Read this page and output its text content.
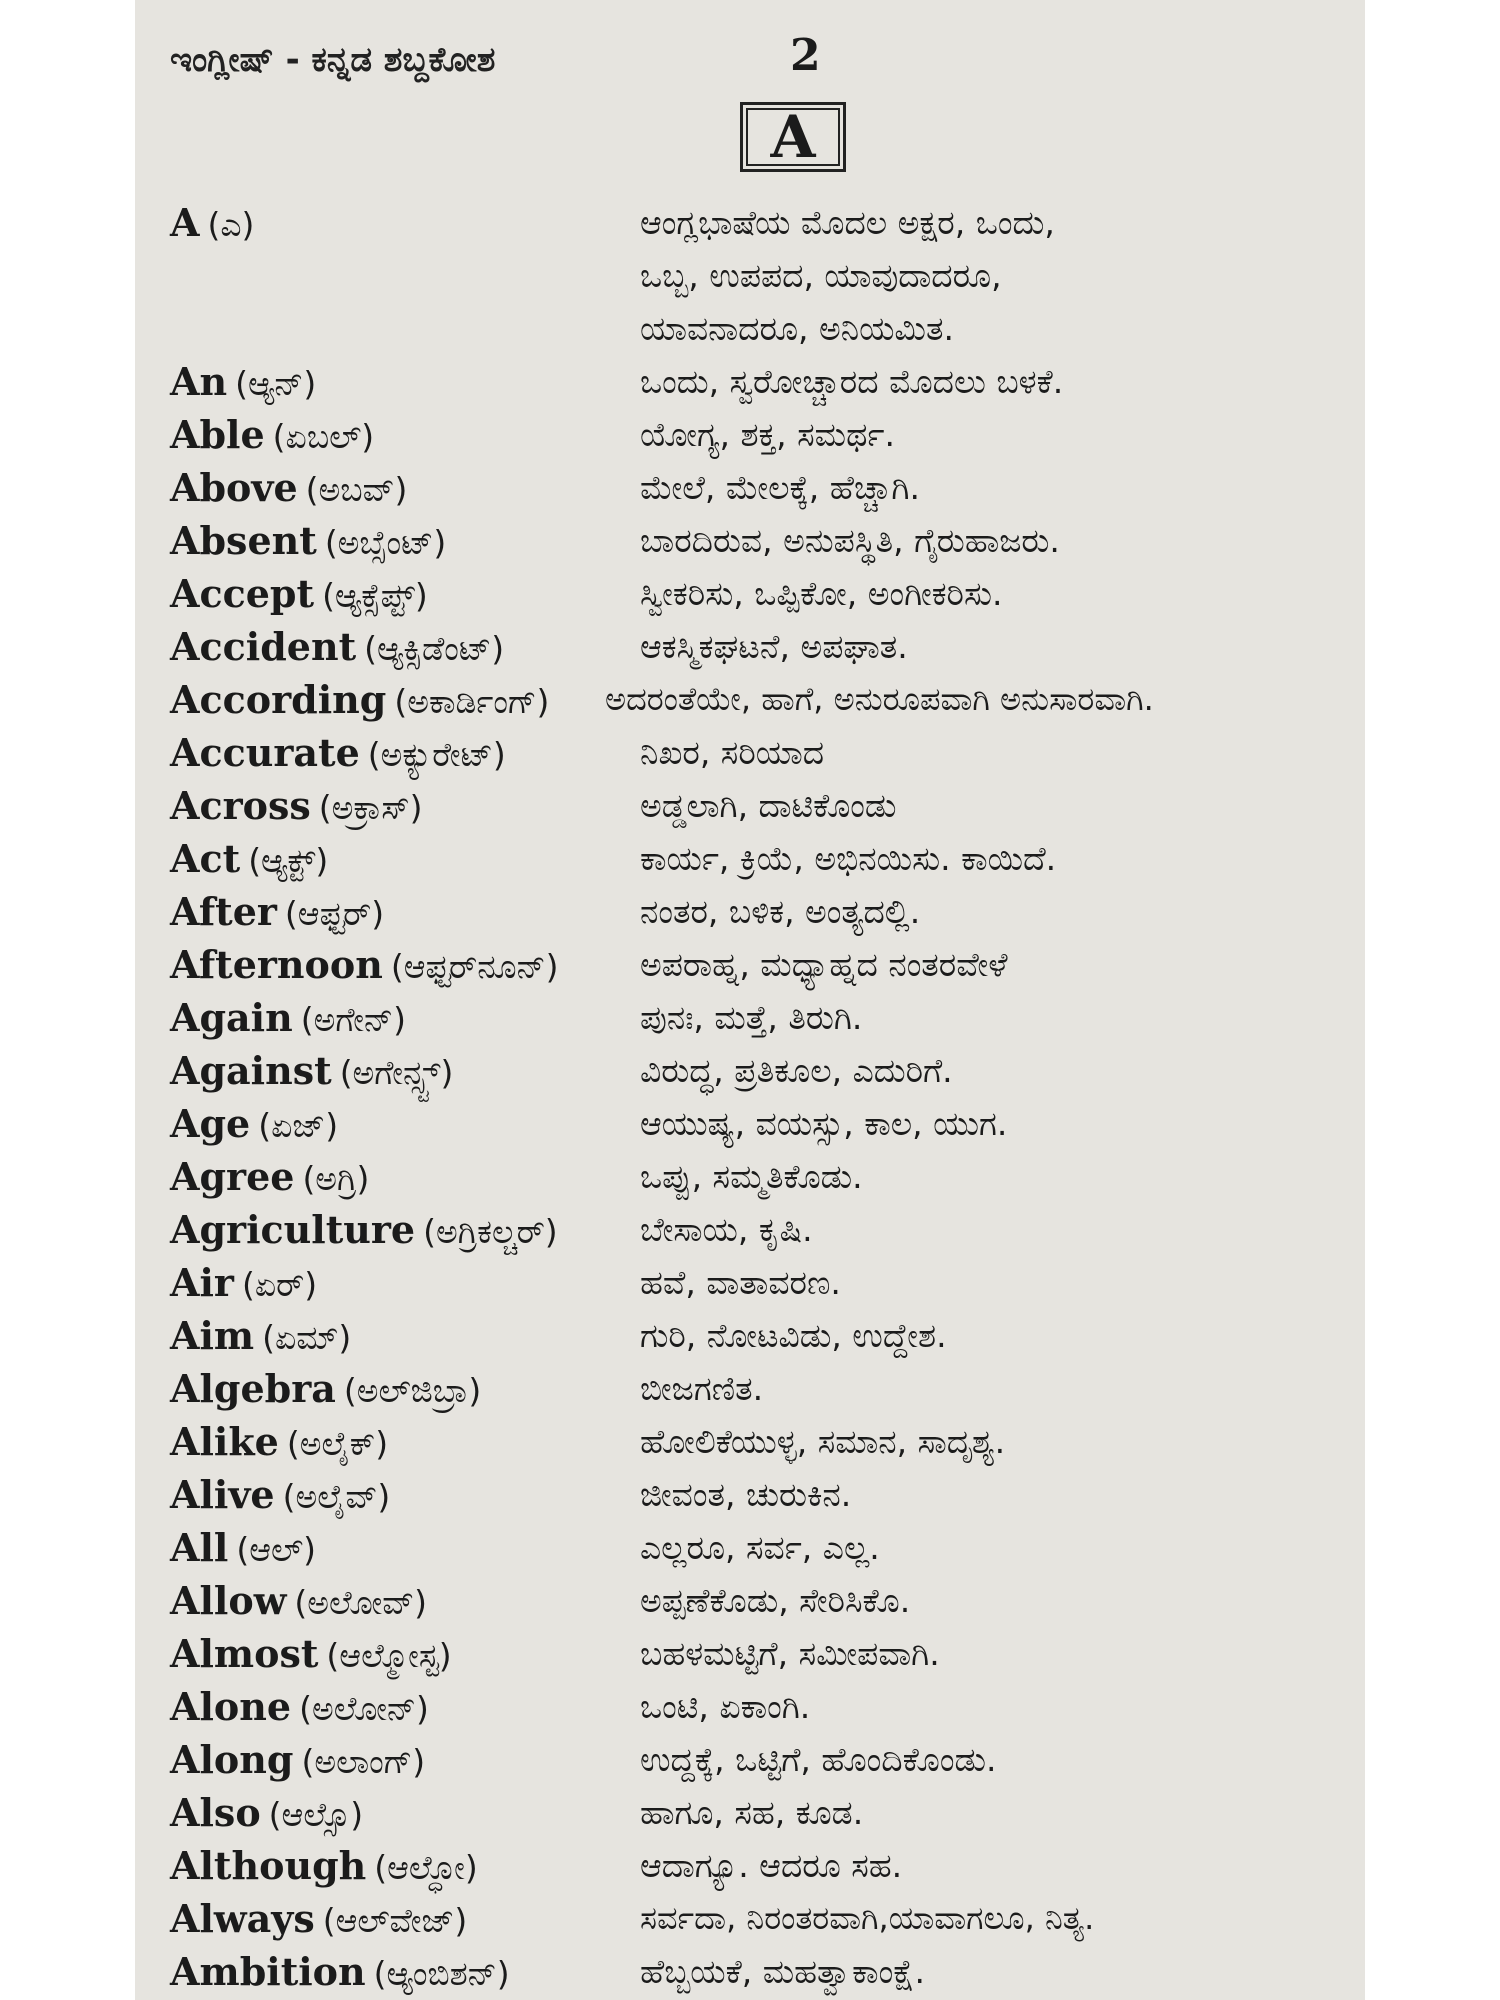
ಇಂಗ್ಲೀಷ್ - ಕನ್ನಡ ಶಬ್ದಕೋಶ	2
A
A (ಎ)	ಆಂಗ್ಲಭಾಷೆಯ ಮೊದಲ ಅಕ್ಷರ, ಒಂದು,
ಒಬ್ಬ, ಉಪಪದ, ಯಾವುದಾದರೂ,
ಯಾವನಾದರೂ, ಅನಿಯಮಿತ.
An (ಆ್ಯನ್)	ಒಂದು, ಸ್ವರೋಚ್ಚಾರದ ಮೊದಲು ಬಳಕೆ.
Able (ಏಬಲ್)	ಯೋಗ್ಯ, ಶಕ್ತ, ಸಮರ್ಥ.
Above (ಅಬವ್)	ಮೇಲೆ, ಮೇಲಕ್ಕೆ, ಹೆಚ್ಚಾಗಿ.
Absent (ಅಬ್ಸೆಂಟ್)	ಬಾರದಿರುವ, ಅನುಪಸ್ಥಿತಿ, ಗೈರುಹಾಜರು.
Accept (ಆ್ಯಕ್ಸೆಪ್ಟ್)	ಸ್ವೀಕರಿಸು, ಒಪ್ಪಿಕೋ, ಅಂಗೀಕರಿಸು.
Accident (ಆ್ಯಕ್ಸಿಡೆಂಟ್)	ಆಕಸ್ಮಿಕಘಟನೆ, ಅಪಘಾತ.
According (ಅಕಾರ್ಡಿಂಗ್) ಅದರಂತೆಯೇ, ಹಾಗೆ, ಅನುರೂಪವಾಗಿ ಅನುಸಾರವಾಗಿ.
Accurate (ಅಕ್ಯುರೇಟ್)	ನಿಖರ, ಸರಿಯಾದ
Across (ಅಕ್ರಾಸ್)	ಅಡ್ಡಲಾಗಿ, ದಾಟಿಕೊಂಡು
Act (ಆ್ಯಕ್ಟ್)	ಕಾರ್ಯ, ಕ್ರಿಯೆ, ಅಭಿನಯಿಸು. ಕಾಯಿದೆ.
After (ಆಫ್ಟರ್)	ನಂತರ, ಬಳಿಕ, ಅಂತ್ಯದಲ್ಲಿ.
Afternoon (ಆಫ್ಟರ್‌ನೂನ್) ಅಪರಾಹ್ನ, ಮಧ್ಯಾಹ್ನದ ನಂತರವೇಳೆ
Again (ಅಗೇನ್)	ಪುನಃ, ಮತ್ತೆ, ತಿರುಗಿ.
Against (ಅಗೇನ್ಸ್ಟ್)	ವಿರುದ್ಧ, ಪ್ರತಿಕೂಲ, ಎದುರಿಗೆ.
Age (ಏಜ್)	ಆಯುಷ್ಯ, ವಯಸ್ಸು, ಕಾಲ, ಯುಗ.
Agree (ಅಗ್ರಿ)	ಒಪ್ಪು, ಸಮ್ಮತಿಕೊಡು.
Agriculture (ಅಗ್ರಿಕಲ್ಚರ್) ಬೇಸಾಯ, ಕೃಷಿ.
Air (ಏರ್)	ಹವೆ, ವಾತಾವರಣ.
Aim (ಏಮ್)	ಗುರಿ, ನೋಟವಿಡು, ಉದ್ದೇಶ.
Algebra (ಅಲ್‌ಜಿಬ್ರಾ)	ಬೀಜಗಣಿತ.
Alike (ಅಲೈಕ್)	ಹೋಲಿಕೆಯುಳ್ಳ, ಸಮಾನ, ಸಾದೃಶ್ಯ.
Alive (ಅಲೈವ್)	ಜೀವಂತ, ಚುರುಕಿನ.
All (ಆಲ್)	ಎಲ್ಲರೂ, ಸರ್ವ, ಎಲ್ಲ.
Allow (ಅಲೋವ್)	ಅಪ್ಪಣೆಕೊಡು, ಸೇರಿಸಿಕೊ.
Almost (ಆಲ್ಮೋಸ್ಟ)	ಬಹಳಮಟ್ಟಿಗೆ, ಸಮೀಪವಾಗಿ.
Alone (ಅಲೋನ್)	ಒಂಟಿ, ಏಕಾಂಗಿ.
Along (ಅಲಾಂಗ್)	ಉದ್ದಕ್ಕೆ, ಒಟ್ಟಿಗೆ, ಹೊಂದಿಕೊಂಡು.
Also (ಆಲ್ಸೊ)	ಹಾಗೂ, ಸಹ, ಕೂಡ.
Although (ಆಲ್ಧೋ)	ಆದಾಗ್ಯೂ. ಆದರೂ ಸಹ.
Always (ಆಲ್‌ವೇಜ್)	ಸರ್ವದಾ, ನಿರಂತರವಾಗಿ,ಯಾವಾಗಲೂ, ನಿತ್ಯ.
Ambition (ಆ್ಯಂಬಿಶನ್)	ಹೆಬ್ಬಯಕೆ, ಮಹತ್ವಾಕಾಂಕ್ಷೆ.
